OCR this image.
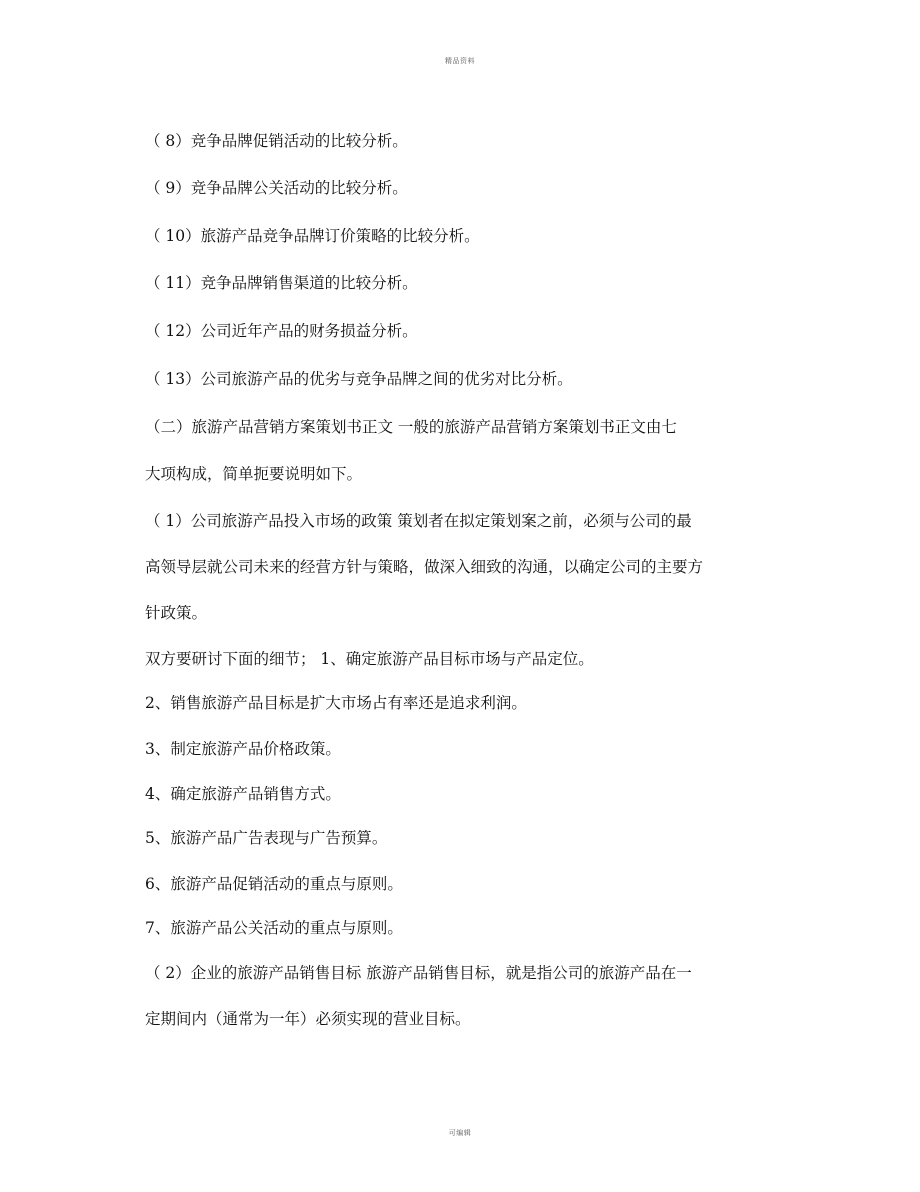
精品资料
（ 8）竞争品牌促销活动的比较分析。
（ 9）竞争品牌公关活动的比较分析。
（ 10）旅游产品竞争品牌订价策略的比较分析。
（ 11）竞争品牌销售渠道的比较分析。
（ 12）公司近年产品的财务损益分析。
（ 13）公司旅游产品的优劣与竞争品牌之间的优劣对比分析。
（二）旅游产品营销方案策划书正文 一般的旅游产品营销方案策划书正文由七
大项构成，简单扼要说明如下。
（ 1）公司旅游产品投入市场的政策 策划者在拟定策划案之前，必须与公司的最
高领导层就公司未来的经营方针与策略，做深入细致的沟通，以确定公司的主要方
针政策。
双方要研讨下面的细节； 1、确定旅游产品目标市场与产品定位。
2、销售旅游产品目标是扩大市场占有率还是追求利润。
3、制定旅游产品价格政策。
4、确定旅游产品销售方式。
5、旅游产品广告表现与广告预算。
6、旅游产品促销活动的重点与原则。
7、旅游产品公关活动的重点与原则。
（ 2）企业的旅游产品销售目标 旅游产品销售目标，就是指公司的旅游产品在一
定期间内（通常为一年）必须实现的营业目标。
可编辑
